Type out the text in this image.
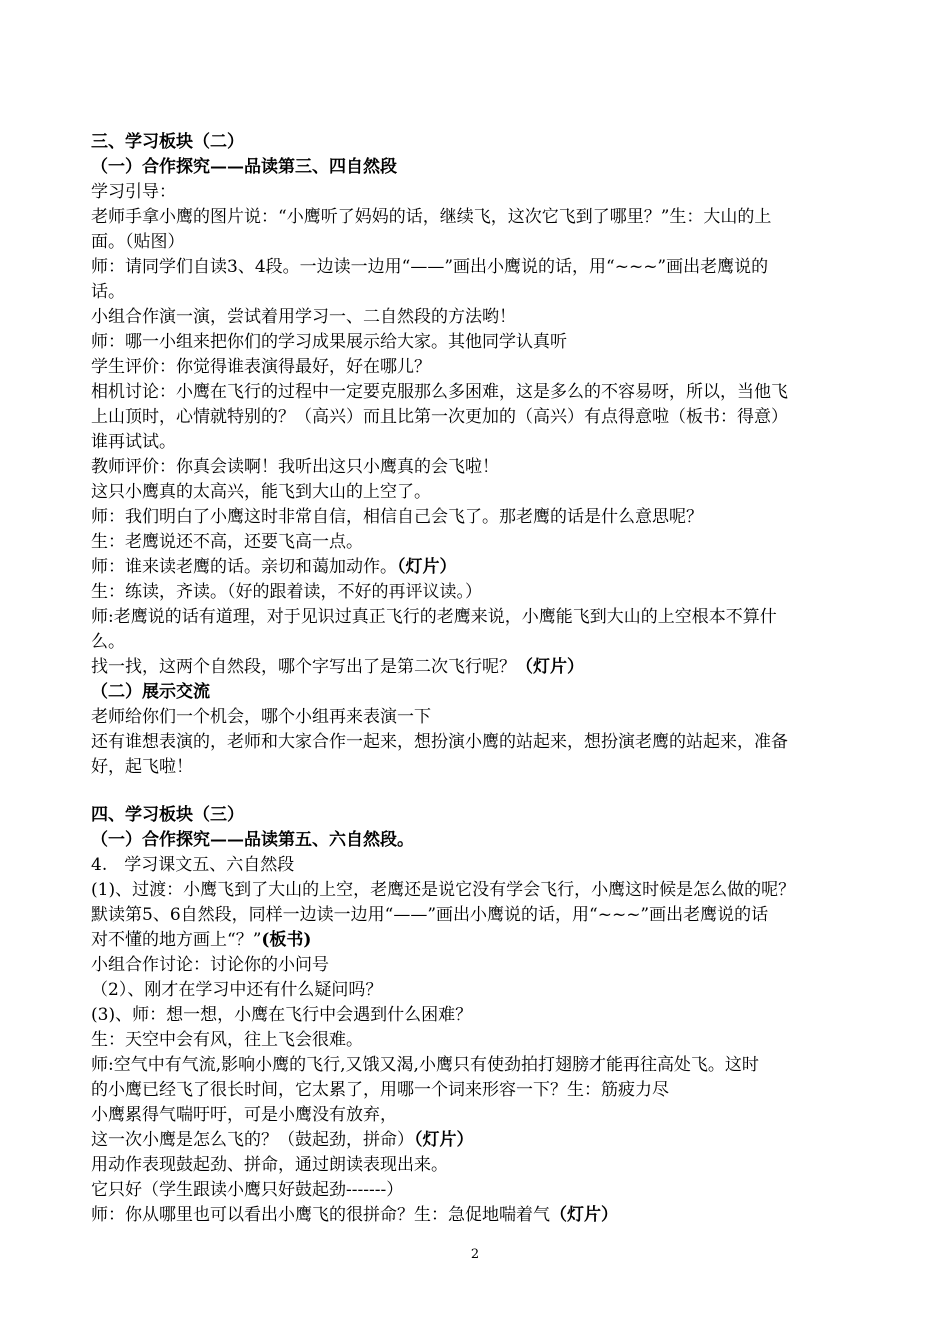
三、学习板块（二）
（一）合作探究——品读第三、四自然段
学习引导：
老师手拿小鹰的图片说：“小鹰听了妈妈的话，继续飞，这次它飞到了哪里？”生：大山的上
面。（贴图）
师：请同学们自读3、4段。一边读一边用“——”画出小鹰说的话，用“~~~”画出老鹰说的
话。
小组合作演一演，尝试着用学习一、二自然段的方法哟！
师：哪一小组来把你们的学习成果展示给大家。其他同学认真听
学生评价：你觉得谁表演得最好，好在哪儿？
相机讨论：小鹰在飞行的过程中一定要克服那么多困难，这是多么的不容易呀，所以，当他飞
上山顶时，心情就特别的？（高兴）而且比第一次更加的（高兴）有点得意啦（板书：得意）
谁再试试。
教师评价：你真会读啊！我听出这只小鹰真的会飞啦！
这只小鹰真的太高兴，能飞到大山的上空了。
师：我们明白了小鹰这时非常自信，相信自己会飞了。那老鹰的话是什么意思呢？
生：老鹰说还不高，还要飞高一点。
师：谁来读老鹰的话。亲切和蔼加动作。（灯片）
生：练读，齐读。（好的跟着读，不好的再评议读。）
师:老鹰说的话有道理，对于见识过真正飞行的老鹰来说，小鹰能飞到大山的上空根本不算什
么。
找一找，这两个自然段，哪个字写出了是第二次飞行呢？（灯片）
（二）展示交流
老师给你们一个机会，哪个小组再来表演一下
还有谁想表演的，老师和大家合作一起来，想扮演小鹰的站起来，想扮演老鹰的站起来，准备
好，起飞啦！
四、学习板块（三）
（一）合作探究——品读第五、六自然段。
4.　学习课文五、六自然段
(1)、过渡：小鹰飞到了大山的上空，老鹰还是说它没有学会飞行，小鹰这时候是怎么做的呢？
默读第5、6自然段，同样一边读一边用“——”画出小鹰说的话，用“~~~”画出老鹰说的话
对不懂的地方画上“？”(板书)
小组合作讨论：讨论你的小问号
（2）、刚才在学习中还有什么疑问吗？
(3)、师：想一想，小鹰在飞行中会遇到什么困难？
生：天空中会有风，往上飞会很难。
师:空气中有气流,影响小鹰的飞行,又饿又渴,小鹰只有使劲拍打翅膀才能再往高处飞。这时
的小鹰已经飞了很长时间，它太累了，用哪一个词来形容一下？生：筋疲力尽
小鹰累得气喘吁吁，可是小鹰没有放弃，
这一次小鹰是怎么飞的？（鼓起劲，拼命）（灯片）
用动作表现鼓起劲、拼命，通过朗读表现出来。
它只好（学生跟读小鹰只好鼓起劲-------）
师：你从哪里也可以看出小鹰飞的很拼命？生：急促地喘着气（灯片）
2
